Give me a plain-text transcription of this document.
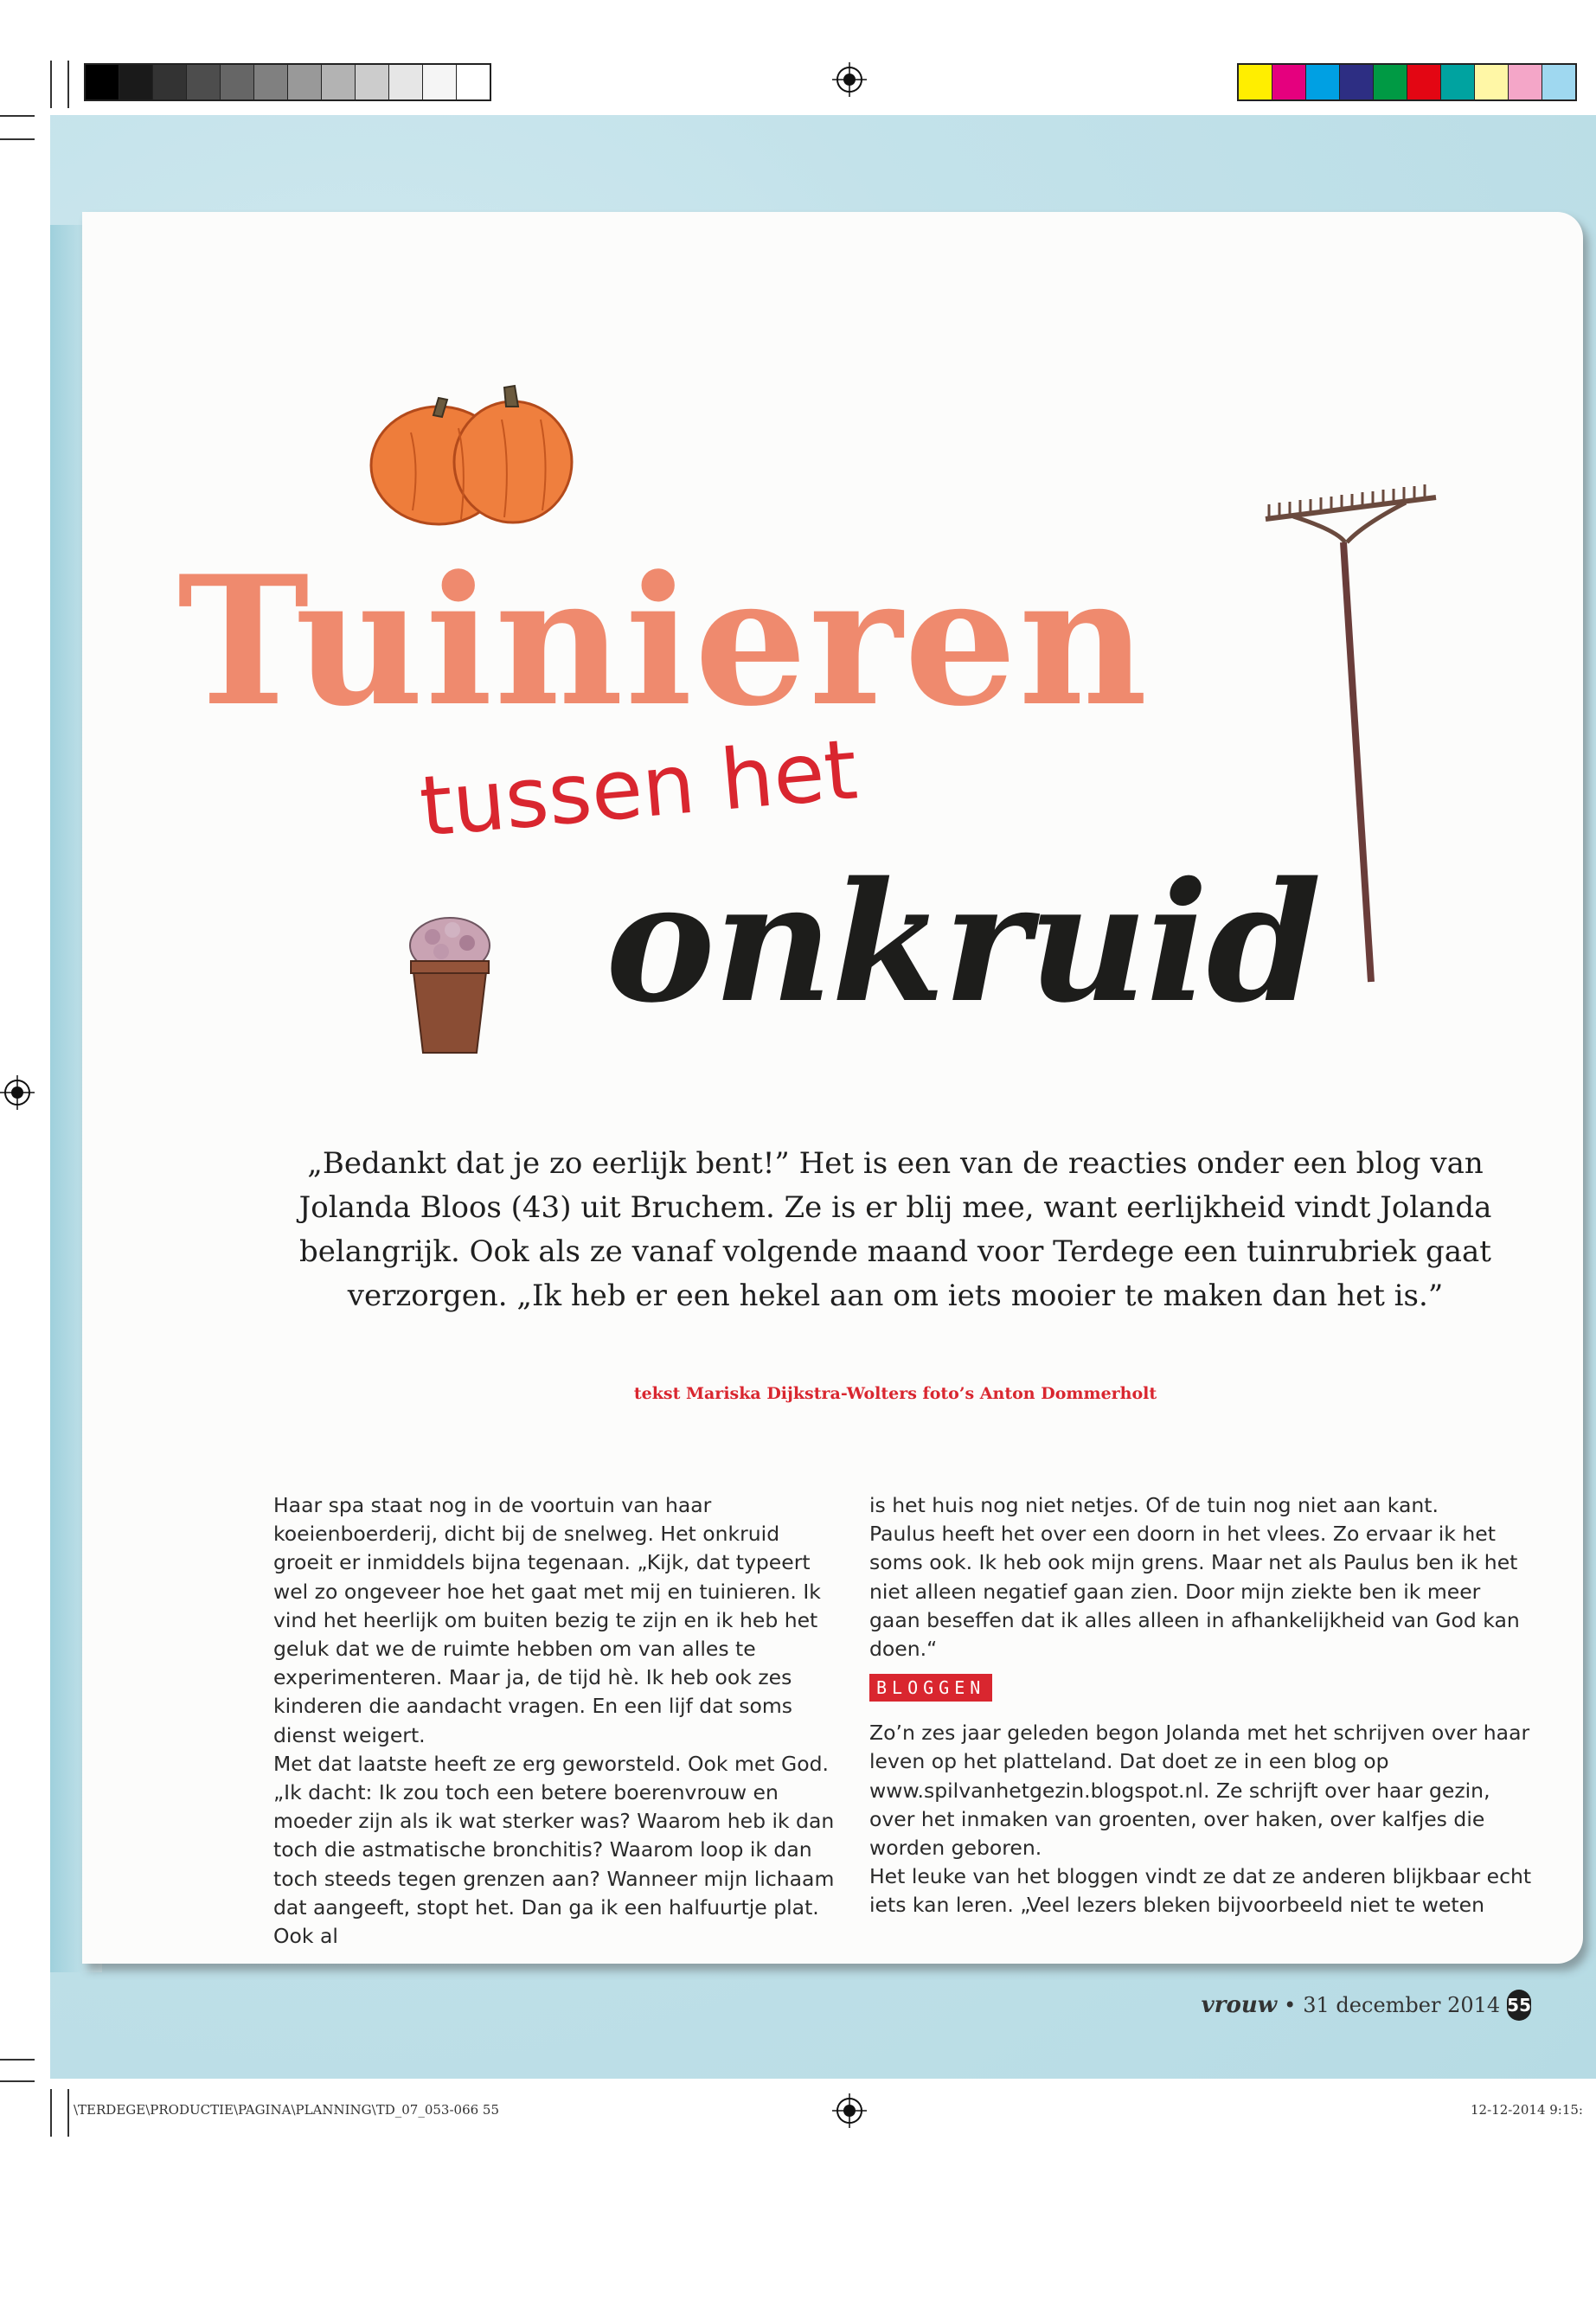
Tuinieren
tussen het
onkruid

„Bedankt dat je zo eerlijk bent!” Het is een van de reacties onder een blog van Jolanda Bloos (43) uit Bruchem. Ze is er blij mee, want eerlijkheid vindt Jolanda belangrijk. Ook als ze vanaf volgende maand voor Terdege een tuinrubriek gaat verzorgen. „Ik heb er een hekel aan om iets mooier te maken dan het is.”

tekst Mariska Dijkstra-Wolters foto’s Anton Dommerholt

Haar spa staat nog in de voortuin van haar koeienboerderij, dicht bij de snelweg. Het onkruid groeit er inmiddels bijna tegenaan. „Kijk, dat typeert wel zo ongeveer hoe het gaat met mij en tuinieren. Ik vind het heerlijk om buiten bezig te zijn en ik heb het geluk dat we de ruimte hebben om van alles te experimenteren. Maar ja, de tijd hè. Ik heb ook zes kinderen die aandacht vragen. En een lijf dat soms dienst weigert.

Met dat laatste heeft ze erg geworsteld. Ook met God. „Ik dacht: Ik zou toch een betere boerenvrouw en moeder zijn als ik wat sterker was? Waarom heb ik dan toch die astmatische bronchitis? Waarom loop ik dan toch steeds tegen grenzen aan? Wanneer mijn lichaam dat aangeeft, stopt het. Dan ga ik een halfuurtje plat. Ook al

is het huis nog niet netjes. Of de tuin nog niet aan kant.

Paulus heeft het over een doorn in het vlees. Zo ervaar ik het soms ook. Ik heb ook mijn grens. Maar net als Paulus ben ik het niet alleen negatief gaan zien. Door mijn ziekte ben ik meer gaan beseffen dat ik alles alleen in afhankelijkheid van God kan doen.“

BLOGGEN

Zo’n zes jaar geleden begon Jolanda met het schrijven over haar leven op het platteland. Dat doet ze in een blog op www.spilvanhetgezin.blogspot.nl. Ze schrijft over haar gezin, over het inmaken van groenten, over haken, over kalfjes die worden geboren.

Het leuke van het bloggen vindt ze dat ze anderen blijkbaar echt iets kan leren. „Veel lezers bleken bijvoorbeeld niet te weten

vrouw • 31 december 2014 55
\TERDEGE\PRODUCTIE\PAGINA\PLANNING\TD_07_053-066 55	12-12-2014 9:15:
